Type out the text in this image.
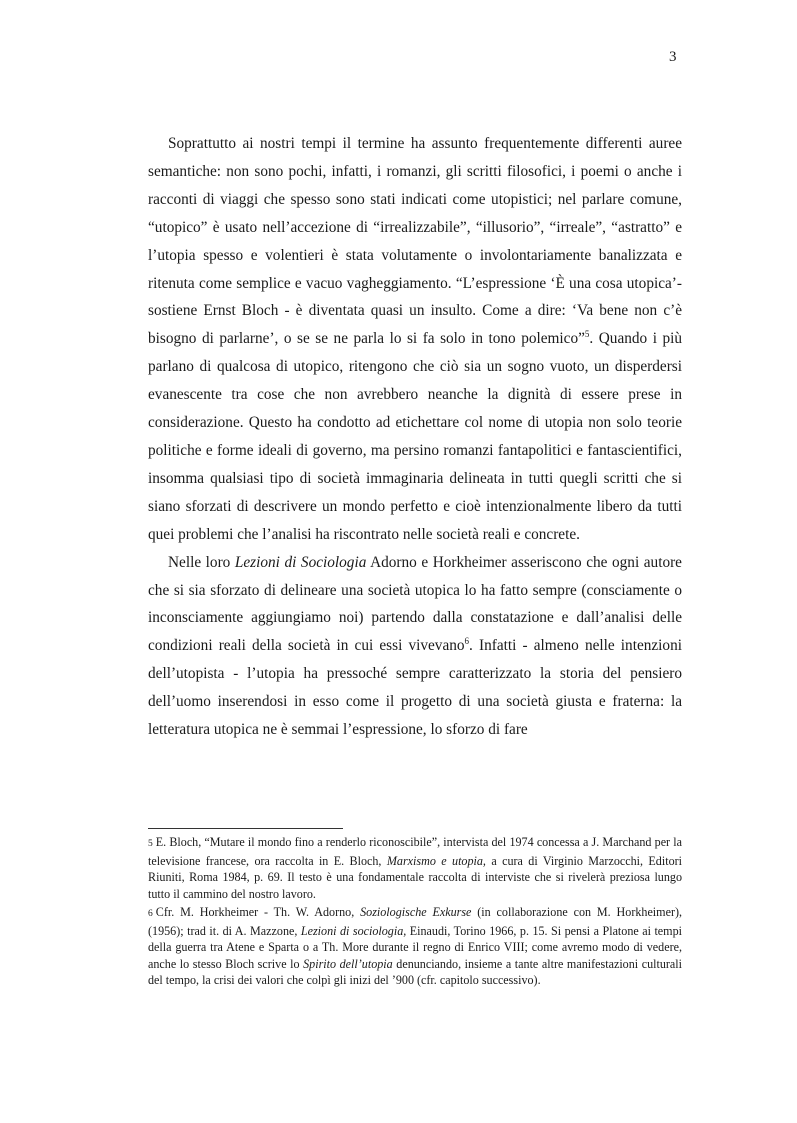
3

Soprattutto ai nostri tempi il termine ha assunto frequentemente differenti auree semantiche: non sono pochi, infatti, i romanzi, gli scritti filosofici, i poemi o anche i racconti di viaggi che spesso sono stati indicati come utopistici; nel parlare comune, “utopico” è usato nell’accezione di “irrealizzabile”, “illusorio”, “irreale”, “astratto” e l’utopia spesso e volentieri è stata volutamente o involontariamente banalizzata e ritenuta come semplice e vacuo vagheggiamento. “L’espressione ‘È una cosa utopica’- sostiene Ernst Bloch - è diventata quasi un insulto. Come a dire: ‘Va bene non c’è bisogno di parlarne’, o se se ne parla lo si fa solo in tono polemico”$^5$. Quando i più parlano di qualcosa di utopico, ritengono che ciò sia un sogno vuoto, un disperdersi evanescente tra cose che non avrebbero neanche la dignità di essere prese in considerazione. Questo ha condotto ad etichettare col nome di utopia non solo teorie politiche e forme ideali di governo, ma persino romanzi fantapolitici e fantascientifici, insomma qualsiasi tipo di società immaginaria delineata in tutti quegli scritti che si siano sforzati di descrivere un mondo perfetto e cioè intenzionalmente libero da tutti quei problemi che l’analisi ha riscontrato nelle società reali e concrete.

Nelle loro Lezioni di Sociologia Adorno e Horkheimer asseriscono che ogni autore che si sia sforzato di delineare una società utopica lo ha fatto sempre (consciamente o inconsciamente aggiungiamo noi) partendo dalla constatazione e dall’analisi delle condizioni reali della società in cui essi vivevano$^6$. Infatti - almeno nelle intenzioni dell’utopista - l’utopia ha pressoché sempre caratterizzato la storia del pensiero dell’uomo inserendosi in esso come il progetto di una società giusta e fraterna: la letteratura utopica ne è semmai l’espressione, lo sforzo di fare

5 E. Bloch, “Mutare il mondo fino a renderlo riconoscibile”, intervista del 1974 concessa a J. Marchand per la televisione francese, ora raccolta in E. Bloch, Marxismo e utopia, a cura di Virginio Marzocchi, Editori Riuniti, Roma 1984, p. 69. Il testo è una fondamentale raccolta di interviste che si rivelerà preziosa lungo tutto il cammino del nostro lavoro.

6 Cfr. M. Horkheimer - Th. W. Adorno, Soziologische Exkurse (in collaborazione con M. Horkheimer), (1956); trad it. di A. Mazzone, Lezioni di sociologia, Einaudi, Torino 1966, p. 15. Si pensi a Platone ai tempi della guerra tra Atene e Sparta o a Th. More durante il regno di Enrico VIII; come avremo modo di vedere, anche lo stesso Bloch scrive lo Spirito dell’utopia denunciando, insieme a tante altre manifestazioni culturali del tempo, la crisi dei valori che colpì gli inizi del ’900 (cfr. capitolo successivo).
